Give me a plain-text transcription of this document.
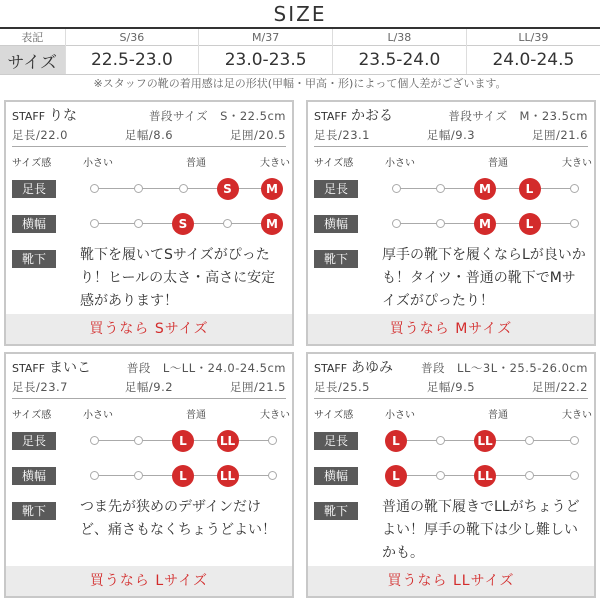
SIZE
表記	S/36	M/37	L/38	LL/39
サイズ	22.5-23.0	23.0-23.5	23.5-24.0	24.0-24.5
※スタッフの靴の着用感は足の形状(甲幅・甲高・形)によって個人差がございます。
STAFF りな	普段サイズ　S・22.5cm
足長/22.0	足幅/8.6	足囲/20.5
サイズ感	小さい	普通	大きい
足長	S	M
横幅	S	M
靴下	靴下を履いてSサイズがぴったり！ヒールの太さ・高さに安定感があります！
買うなら Sサイズ
STAFF かおる	普段サイズ　M・23.5cm
足長/23.1	足幅/9.3	足囲/21.6
サイズ感	小さい	普通	大きい
足長	M	L
横幅	M	L
靴下	厚手の靴下を履くならLが良いかも！タイツ・普通の靴下でMサイズがぴったり！
買うなら Mサイズ
STAFF まいこ	普段　L～LL・24.0-24.5cm
足長/23.7	足幅/9.2	足囲/21.5
サイズ感	小さい	普通	大きい
足長	L	LL
横幅	L	LL
靴下	つま先が狭めのデザインだけど、痛さもなくちょうどよい！
買うなら Lサイズ
STAFF あゆみ 普段　LL～3L・25.5-26.0cm
足長/25.5	足幅/9.5	足囲/22.2
サイズ感	小さい	普通	大きい
足長	L	LL
横幅	L	LL
靴下	普通の靴下履きでLLがちょうどよい！厚手の靴下は少し難しいかも。
買うなら LLサイズ
